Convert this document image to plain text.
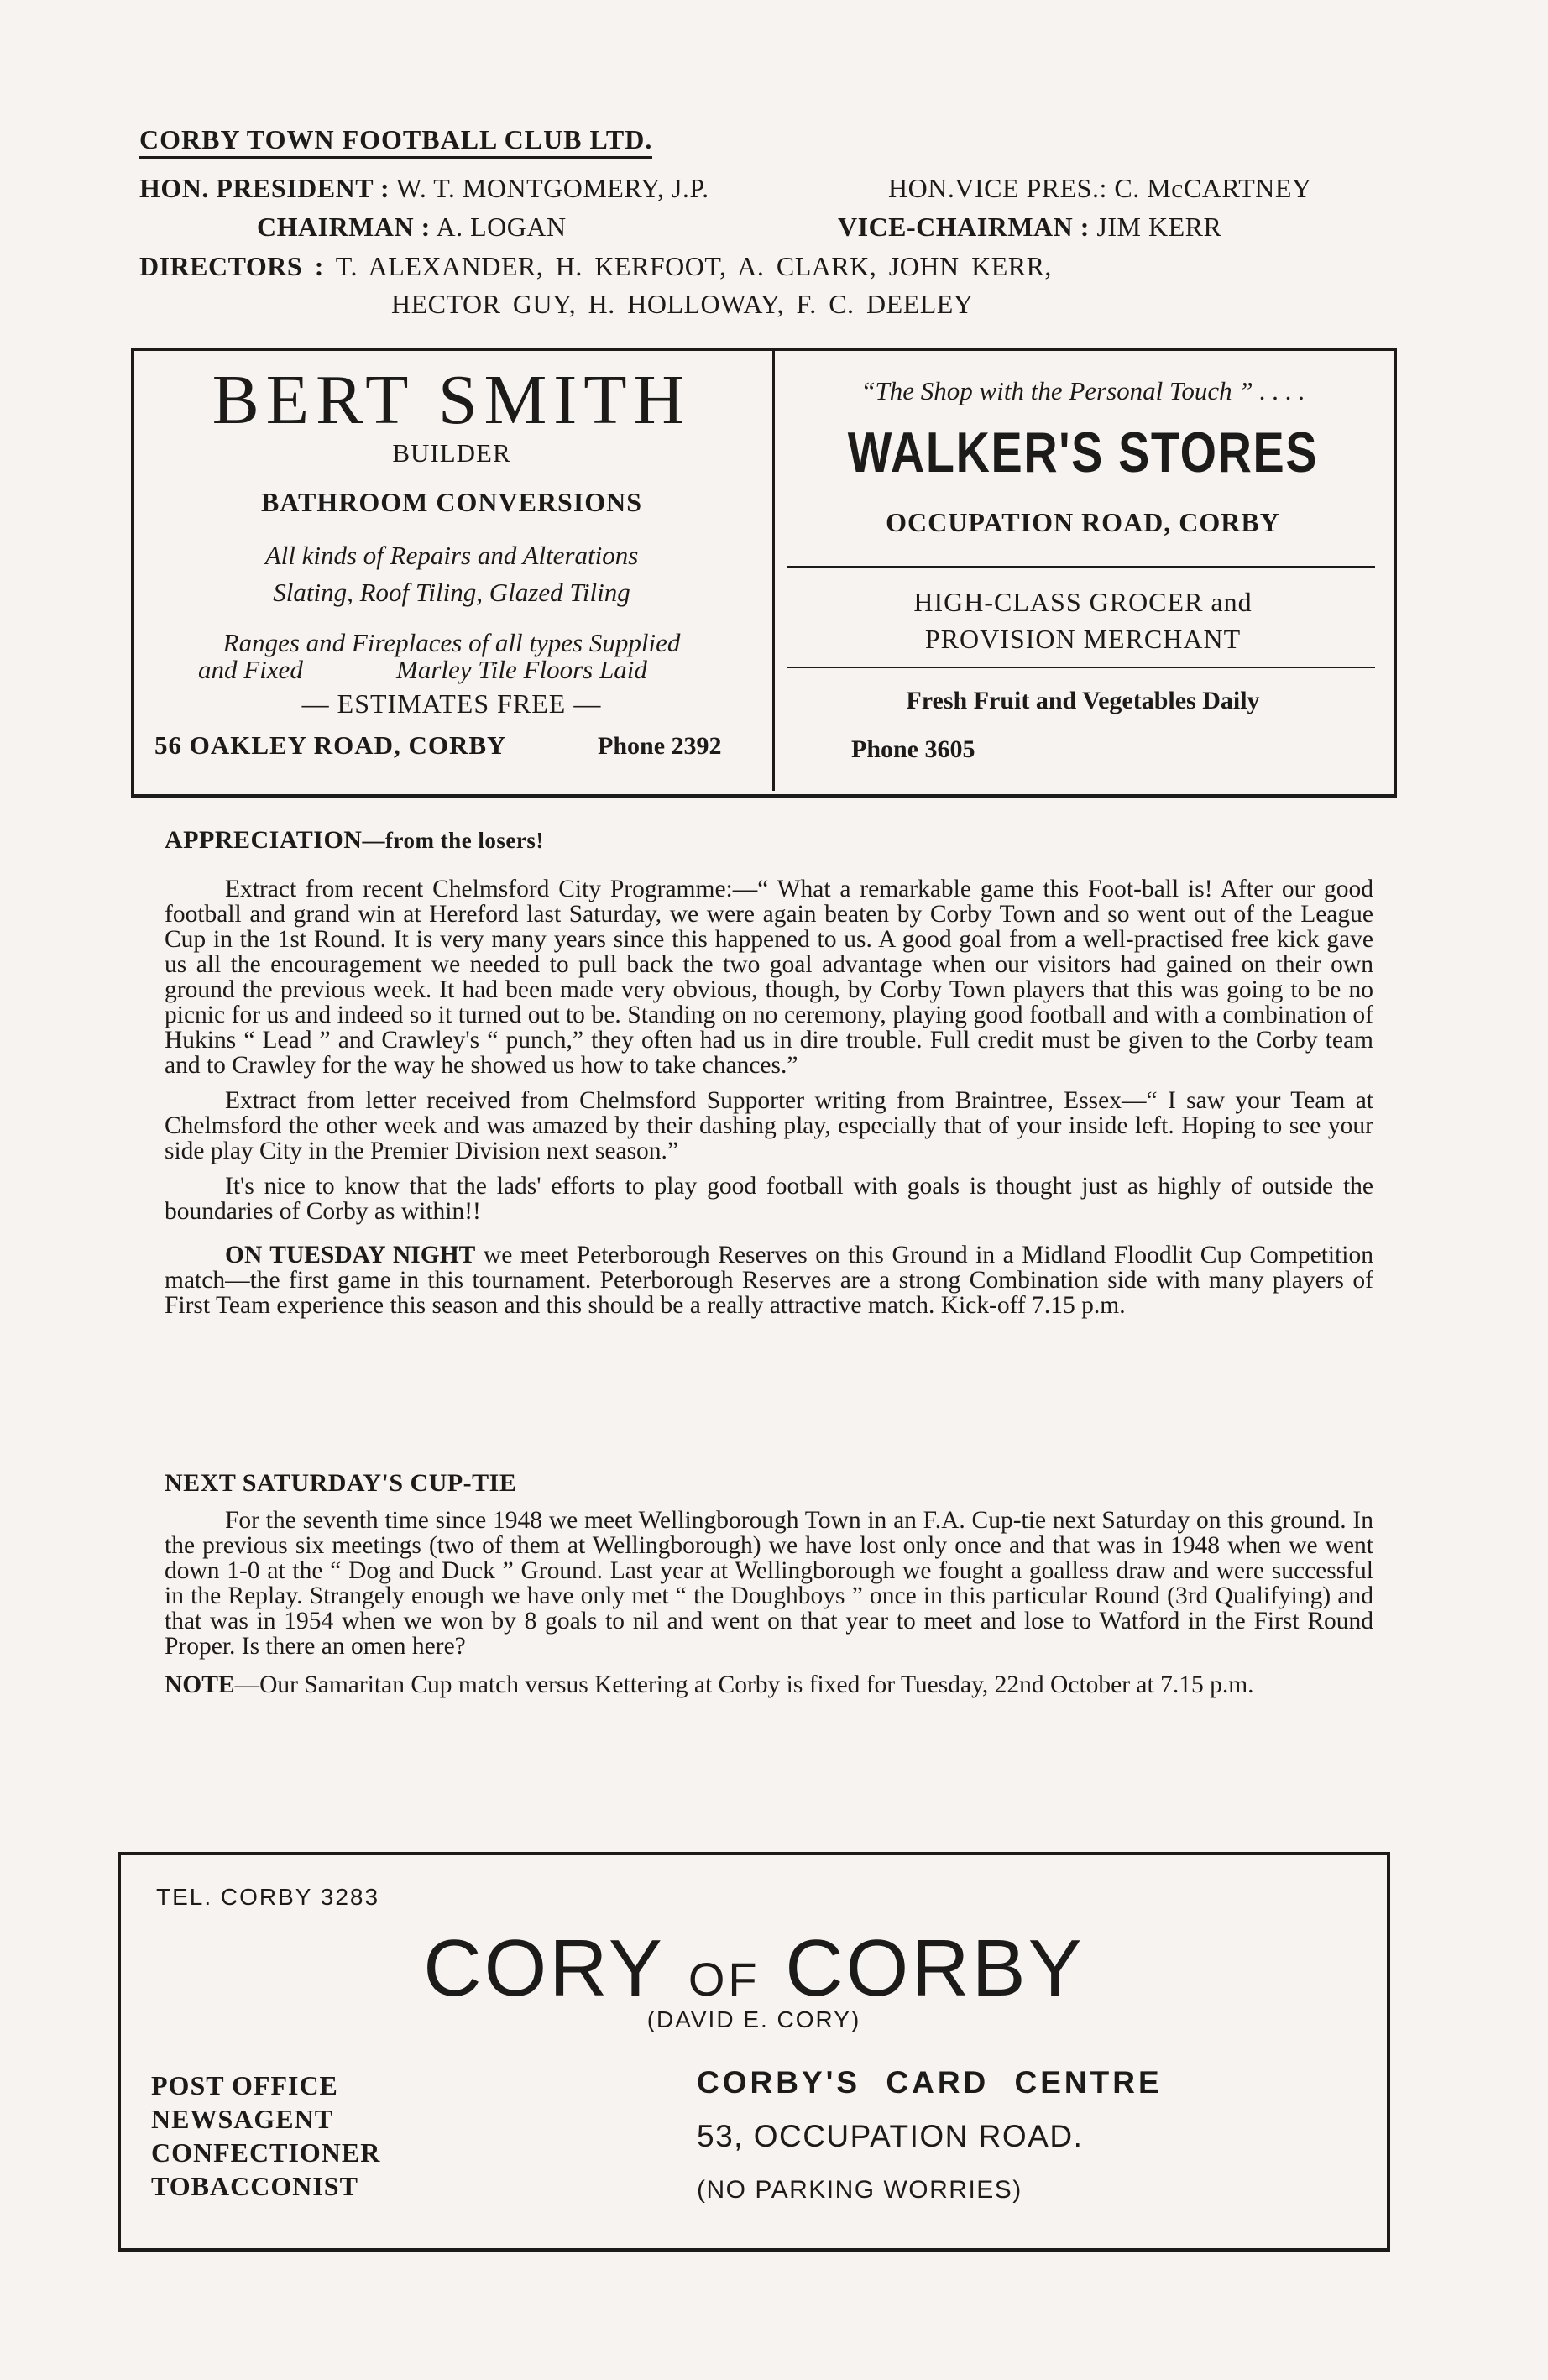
CORBY TOWN FOOTBALL CLUB LTD.
HON. PRESIDENT : W. T. MONTGOMERY, J.P.	HON.VICE PRES.: C. McCARTNEY
CHAIRMAN : A. LOGAN	VICE-CHAIRMAN : JIM KERR
DIRECTORS : T. ALEXANDER, H. KERFOOT, A. CLARK, JOHN KERR,
HECTOR GUY, H. HOLLOWAY, F. C. DEELEY
BERT SMITH
BUILDER
BATHROOM CONVERSIONS
All kinds of Repairs and Alterations
Slating, Roof Tiling, Glazed Tiling
Ranges and Fireplaces of all types Supplied
and Fixed	Marley Tile Floors Laid
— ESTIMATES FREE —
56 OAKLEY ROAD, CORBY	Phone 2392
“The Shop with the Personal Touch ” . . . .
WALKER'S STORES
OCCUPATION ROAD, CORBY
HIGH-CLASS GROCER and
PROVISION MERCHANT
Fresh Fruit and Vegetables Daily
Phone 3605
APPRECIATION—from the losers!

Extract from recent Chelmsford City Programme:—“ What a remarkable game this Foot-ball is! After our good football and grand win at Hereford last Saturday, we were again beaten by Corby Town and so went out of the League Cup in the 1st Round. It is very many years since this happened to us. A good goal from a well-practised free kick gave us all the encouragement we needed to pull back the two goal advantage when our visitors had gained on their own ground the previous week. It had been made very obvious, though, by Corby Town players that this was going to be no picnic for us and indeed so it turned out to be. Standing on no ceremony, playing good football and with a combination of Hukins “ Lead ” and Crawley's “ punch,” they often had us in dire trouble. Full credit must be given to the Corby team and to Crawley for the way he showed us how to take chances.”

Extract from letter received from Chelmsford Supporter writing from Braintree, Essex—“ I saw your Team at Chelmsford the other week and was amazed by their dashing play, especially that of your inside left. Hoping to see your side play City in the Premier Division next season.”

It's nice to know that the lads' efforts to play good football with goals is thought just as highly of outside the boundaries of Corby as within!!

ON TUESDAY NIGHT we meet Peterborough Reserves on this Ground in a Midland Floodlit Cup Competition match—the first game in this tournament. Peterborough Reserves are a strong Combination side with many players of First Team experience this season and this should be a really attractive match. Kick-off 7.15 p.m.

NEXT SATURDAY'S CUP-TIE

For the seventh time since 1948 we meet Wellingborough Town in an F.A. Cup-tie next Saturday on this ground. In the previous six meetings (two of them at Wellingborough) we have lost only once and that was in 1948 when we went down 1-0 at the “ Dog and Duck ” Ground. Last year at Wellingborough we fought a goalless draw and were successful in the Replay. Strangely enough we have only met “ the Doughboys ” once in this particular Round (3rd Qualifying) and that was in 1954 when we won by 8 goals to nil and went on that year to meet and lose to Watford in the First Round Proper. Is there an omen here?

NOTE—Our Samaritan Cup match versus Kettering at Corby is fixed for Tuesday, 22nd October at 7.15 p.m.

TEL. CORBY 3283
CORY OF CORBY
(DAVID E. CORY)
POST OFFICE
NEWSAGENT
CONFECTIONER
TOBACCONIST
CORBY'S CARD CENTRE
53, OCCUPATION ROAD.
(NO PARKING WORRIES)
